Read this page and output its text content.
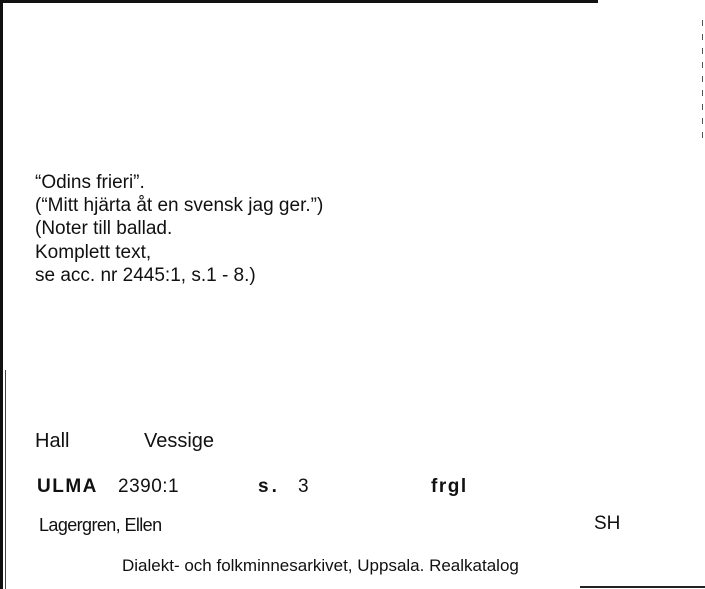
“Odins frieri”.
(“Mitt hjärta åt en svensk jag ger.”)
(Noter till ballad.
Komplett text,
se acc. nr 2445:1, s.1 - 8.)
Hall	Vessige
ULMA 2390:1	s. 3	frgl
Lagergren, Ellen	SH
Dialekt- och folkminnesarkivet, Uppsala. Realkatalog
